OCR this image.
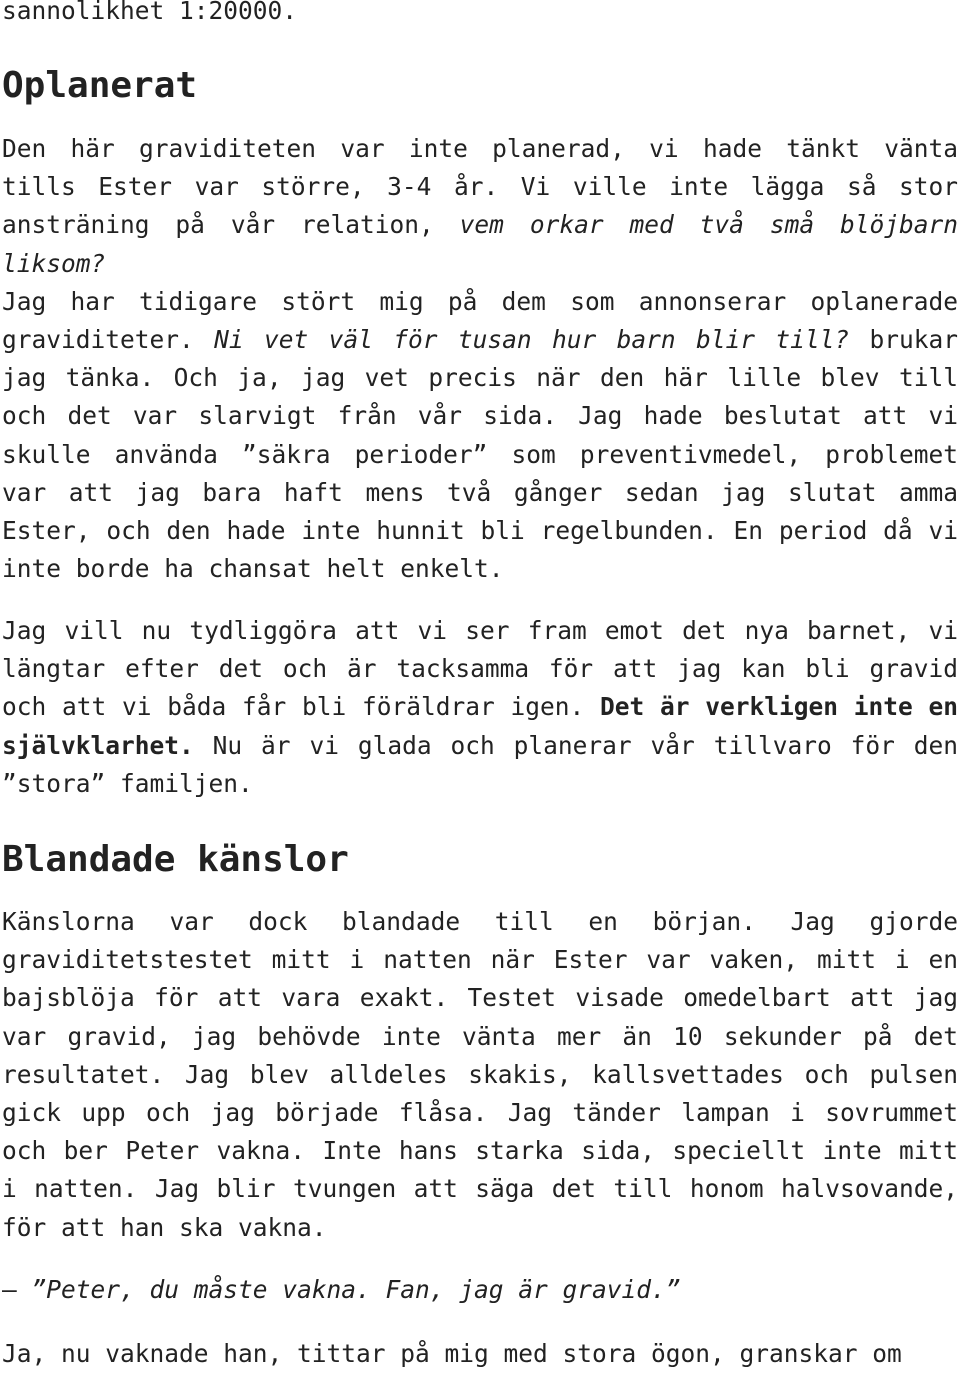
sannolikhet 1:20000.

Oplanerat

Den här graviditeten var inte planerad, vi hade tänkt vänta tills Ester var större, 3-4 år. Vi ville inte lägga så stor ansträning på vår relation, vem orkar med två små blöjbarn liksom?
Jag har tidigare stört mig på dem som annonserar oplanerade graviditeter. Ni vet väl för tusan hur barn blir till? brukar jag tänka. Och ja, jag vet precis när den här lille blev till och det var slarvigt från vår sida. Jag hade beslutat att vi skulle använda ”säkra perioder” som preventivmedel, problemet var att jag bara haft mens två gånger sedan jag slutat amma Ester, och den hade inte hunnit bli regelbunden. En period då vi inte borde ha chansat helt enkelt.

Jag vill nu tydliggöra att vi ser fram emot det nya barnet, vi längtar efter det och är tacksamma för att jag kan bli gravid och att vi båda får bli föräldrar igen. Det är verkligen inte en självklarhet. Nu är vi glada och planerar vår tillvaro för den ”stora” familjen.

Blandade känslor

Känslorna var dock blandade till en början. Jag gjorde graviditetstestet mitt i natten när Ester var vaken, mitt i en bajsblöja för att vara exakt. Testet visade omedelbart att jag var gravid, jag behövde inte vänta mer än 10 sekunder på det resultatet. Jag blev alldeles skakis, kallsvettades och pulsen gick upp och jag började flåsa. Jag tänder lampan i sovrummet och ber Peter vakna. Inte hans starka sida, speciellt inte mitt i natten. Jag blir tvungen att säga det till honom halvsovande, för att han ska vakna.

– ”Peter, du måste vakna. Fan, jag är gravid.”

Ja, nu vaknade han, tittar på mig med stora ögon, granskar om
